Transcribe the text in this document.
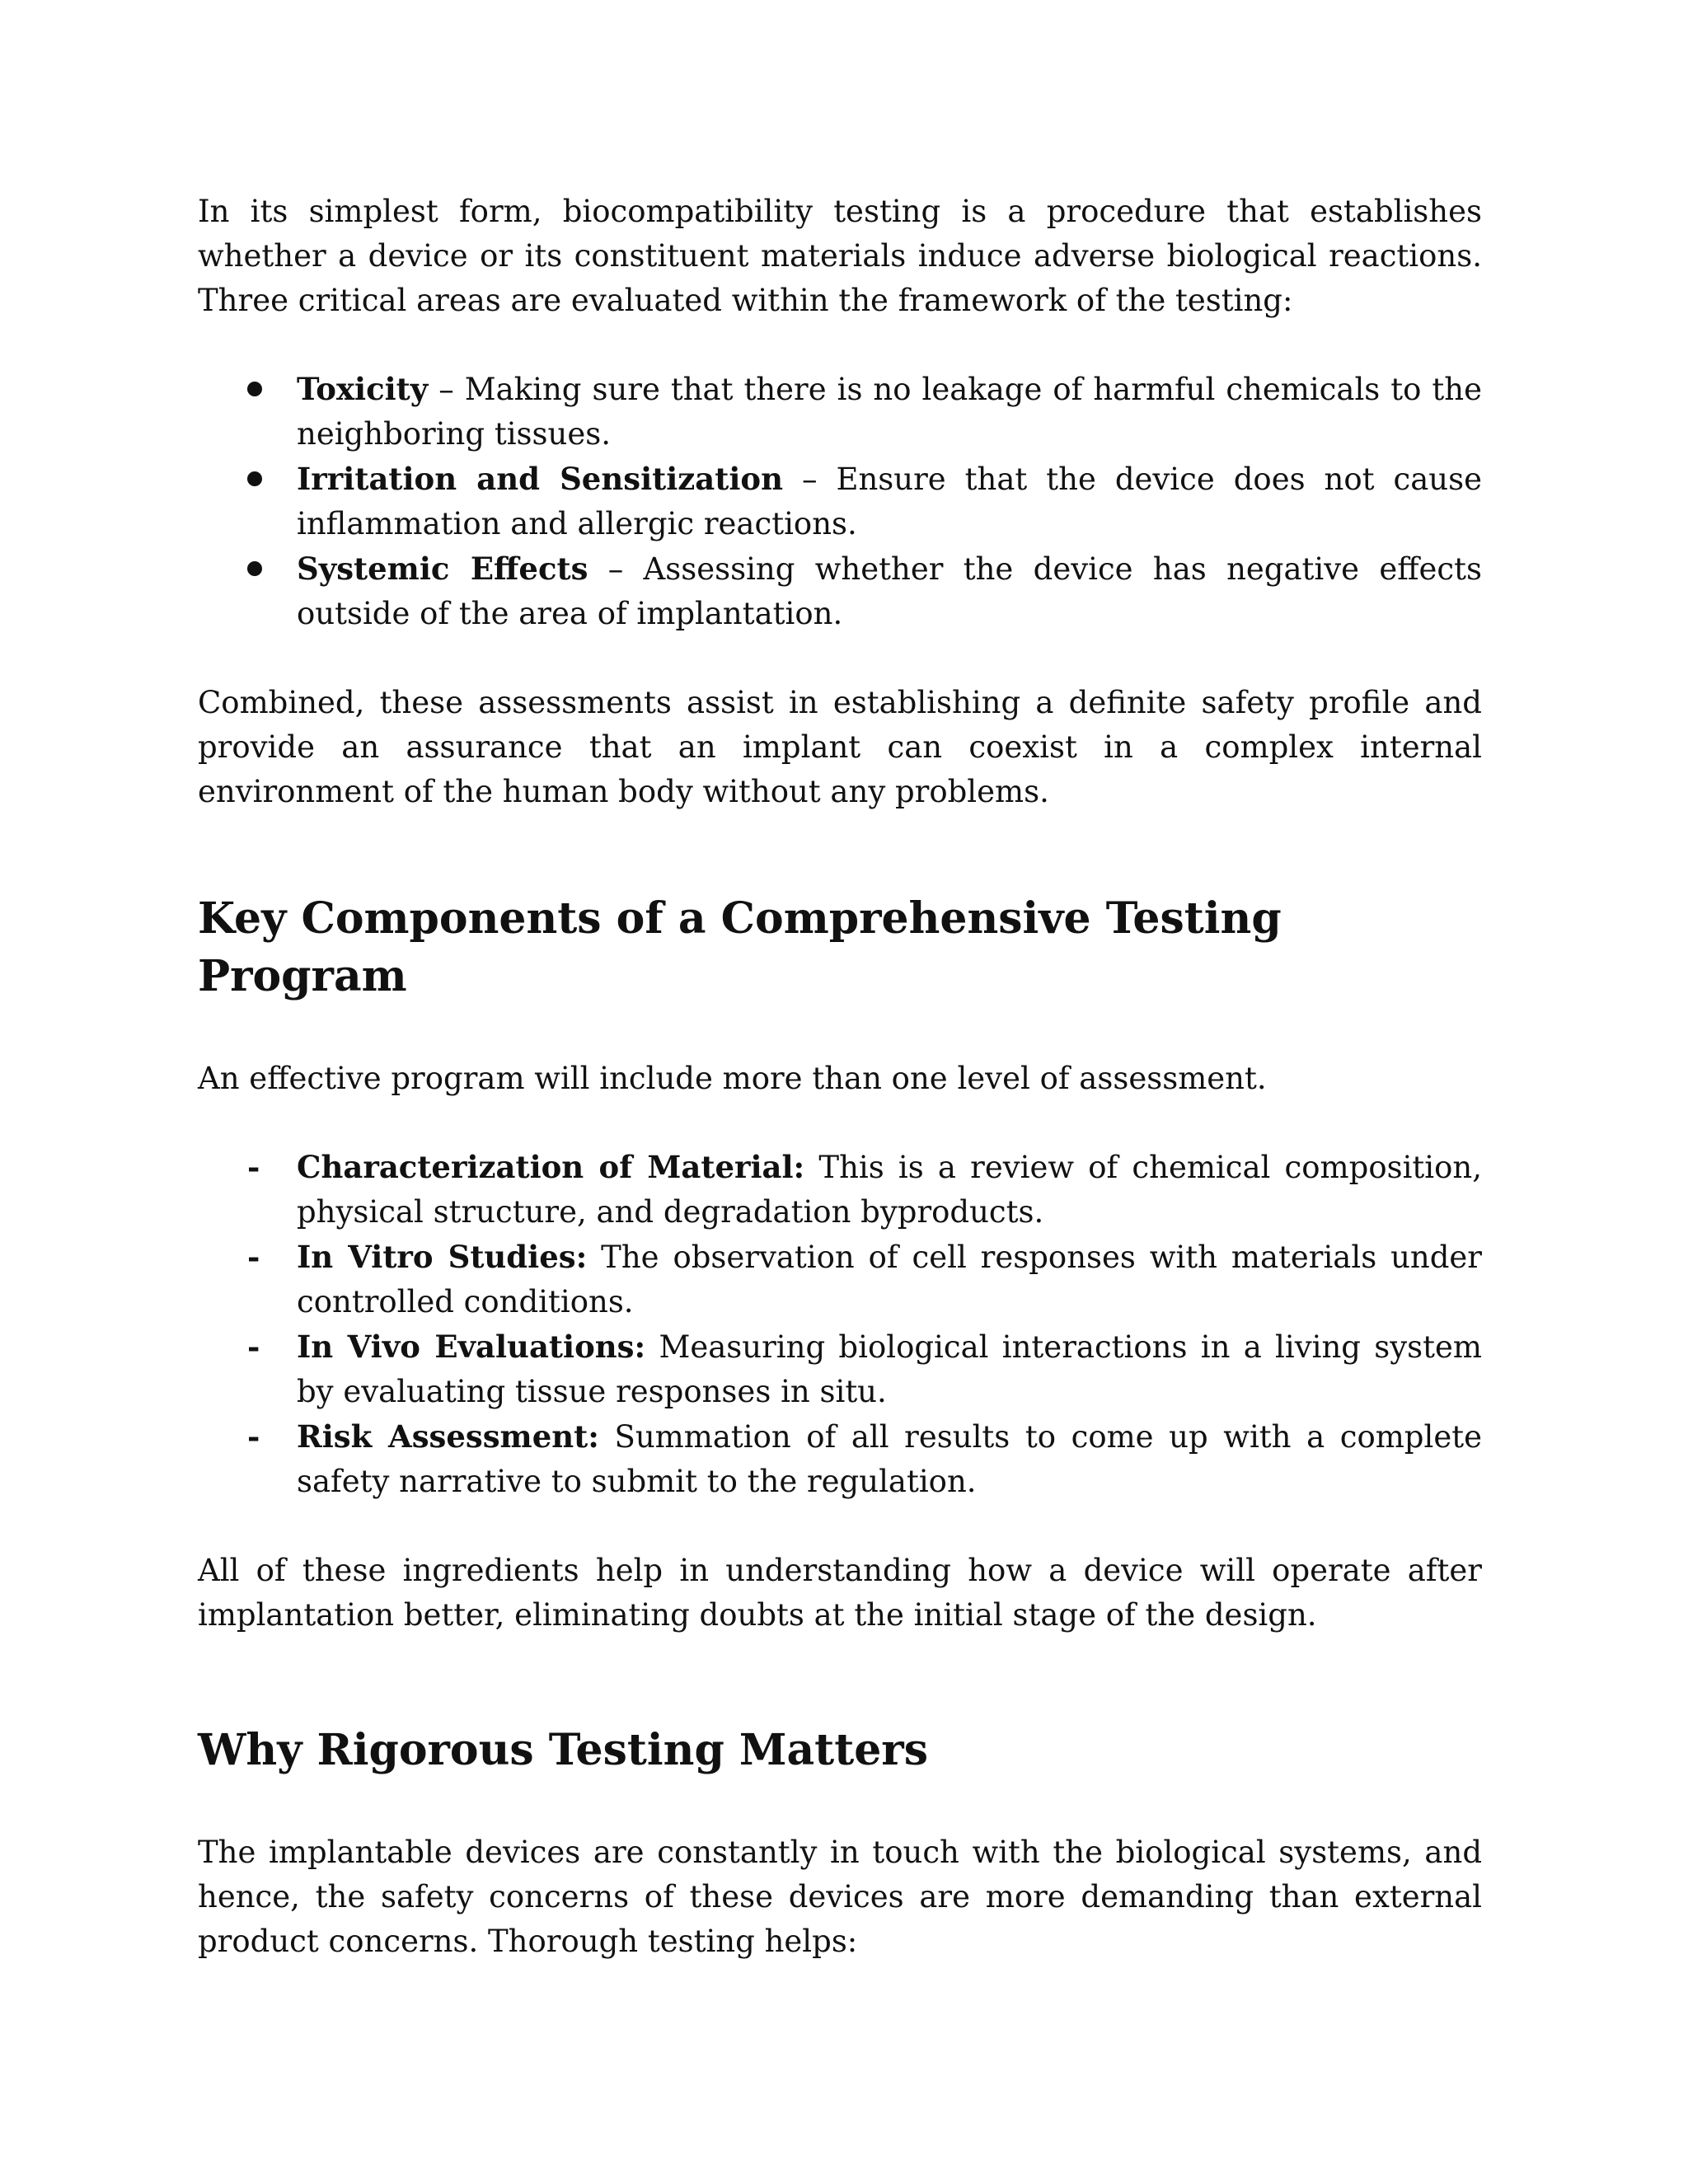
In its simplest form, biocompatibility testing is a procedure that establishes whether a device or its constituent materials induce adverse biological reactions. Three critical areas are evaluated within the framework of the testing:

Toxicity – Making sure that there is no leakage of harmful chemicals to the neighboring tissues.
Irritation and Sensitization – Ensure that the device does not cause inflammation and allergic reactions.
Systemic Effects – Assessing whether the device has negative effects outside of the area of implantation.

Combined, these assessments assist in establishing a definite safety profile and provide an assurance that an implant can coexist in a complex internal environment of the human body without any problems.

Key Components of a Comprehensive Testing Program

An effective program will include more than one level of assessment.

-	Characterization of Material: This is a review of chemical composition, physical structure, and degradation byproducts.
-	In Vitro Studies: The observation of cell responses with materials under controlled conditions.
-	In Vivo Evaluations: Measuring biological interactions in a living system by evaluating tissue responses in situ.
-	Risk Assessment: Summation of all results to come up with a complete safety narrative to submit to the regulation.

All of these ingredients help in understanding how a device will operate after implantation better, eliminating doubts at the initial stage of the design.

Why Rigorous Testing Matters

The implantable devices are constantly in touch with the biological systems, and hence, the safety concerns of these devices are more demanding than external product concerns. Thorough testing helps:
